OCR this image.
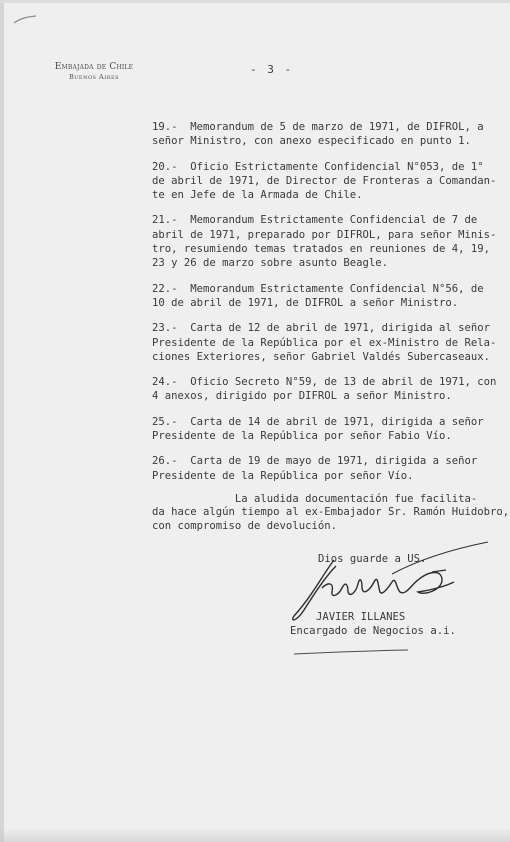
Embajada de Chile
Buenos Aires
- 3 -
19.-  Memorandum de 5 de marzo de 1971, de DIFROL, a
señor Ministro, con anexo especificado en punto 1.
20.-  Oficio Estrictamente Confidencial N°053, de 1°
de abril de 1971, de Director de Fronteras a Comandan-
te en Jefe de la Armada de Chile.
21.-  Memorandum Estrictamente Confidencial de 7 de
abril de 1971, preparado por DIFROL, para señor Minis-
tro, resumiendo temas tratados en reuniones de 4, 19,
23 y 26 de marzo sobre asunto Beagle.
22.-  Memorandum Estrictamente Confidencial N°56, de
10 de abril de 1971, de DIFROL a señor Ministro.
23.-  Carta de 12 de abril de 1971, dirigida al señor
Presidente de la República por el ex-Ministro de Rela-
ciones Exteriores, señor Gabriel Valdés Subercaseaux.
24.-  Oficio Secreto N°59, de 13 de abril de 1971, con
4 anexos, dirigido por DIFROL a señor Ministro.
25.-  Carta de 14 de abril de 1971, dirigida a señor
Presidente de la República por señor Fabio Vío.
26.-  Carta de 19 de mayo de 1971, dirigida a señor
Presidente de la República por señor Vío.
La aludida documentación fue facilita-
da hace algún tiempo al ex-Embajador Sr. Ramón Huidobro,
con compromiso de devolución.
Dios guarde a US.
JAVIER ILLANES
Encargado de Negocios a.i.
